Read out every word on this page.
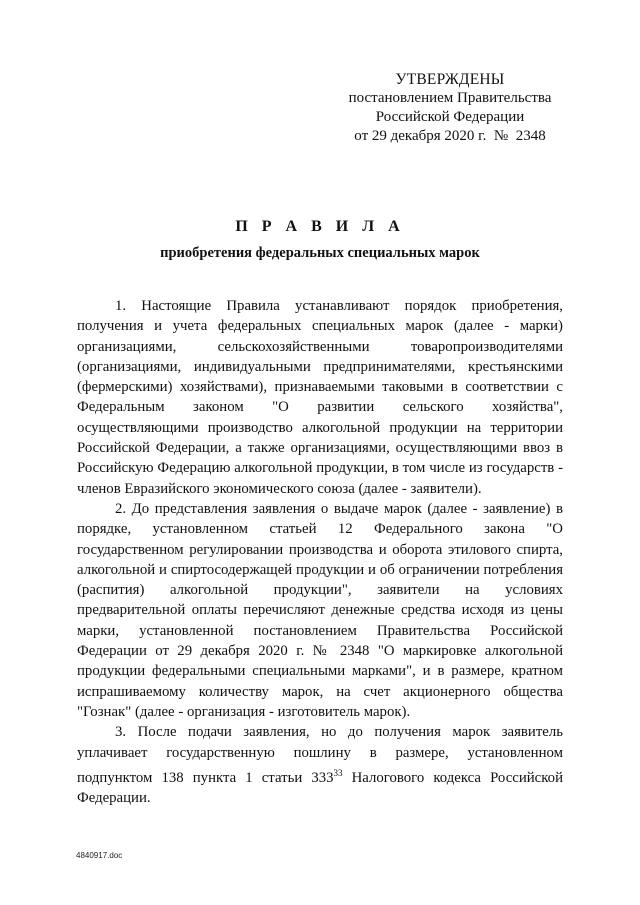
УТВЕРЖДЕНЫ
постановлением Правительства
Российской Федерации
от 29 декабря 2020 г.  №  2348
П Р А В И Л А
приобретения федеральных специальных марок

1. Настоящие Правила устанавливают порядок приобретения, получения и учета федеральных специальных марок (далее - марки) организациями, сельскохозяйственными товаропроизводителями (организациями, индивидуальными предпринимателями, крестьянскими (фермерскими) хозяйствами), признаваемыми таковыми в соответствии с Федеральным законом "О развитии сельского хозяйства", осуществляющими производство алкогольной продукции на территории Российской Федерации, а также организациями, осуществляющими ввоз в Российскую Федерацию алкогольной продукции, в том числе из государств - членов Евразийского экономического союза (далее - заявители).

2. До представления заявления о выдаче марок (далее - заявление) в порядке, установленном статьей 12 Федерального закона "О государственном регулировании производства и оборота этилового спирта, алкогольной и спиртосодержащей продукции и об ограничении потребления (распития) алкогольной продукции", заявители на условиях предварительной оплаты перечисляют денежные средства исходя из цены марки, установленной постановлением Правительства Российской Федерации от 29 декабря 2020 г. № 2348 "О маркировке алкогольной продукции федеральными специальными марками", и в размере, кратном испрашиваемому количеству марок, на счет акционерного общества "Гознак" (далее - организация - изготовитель марок).

3. После подачи заявления, но до получения марок заявитель уплачивает государственную пошлину в размере, установленном подпунктом 138 пункта 1 статьи $333^{33}$ Налогового кодекса Российской Федерации.

4840917.doc
